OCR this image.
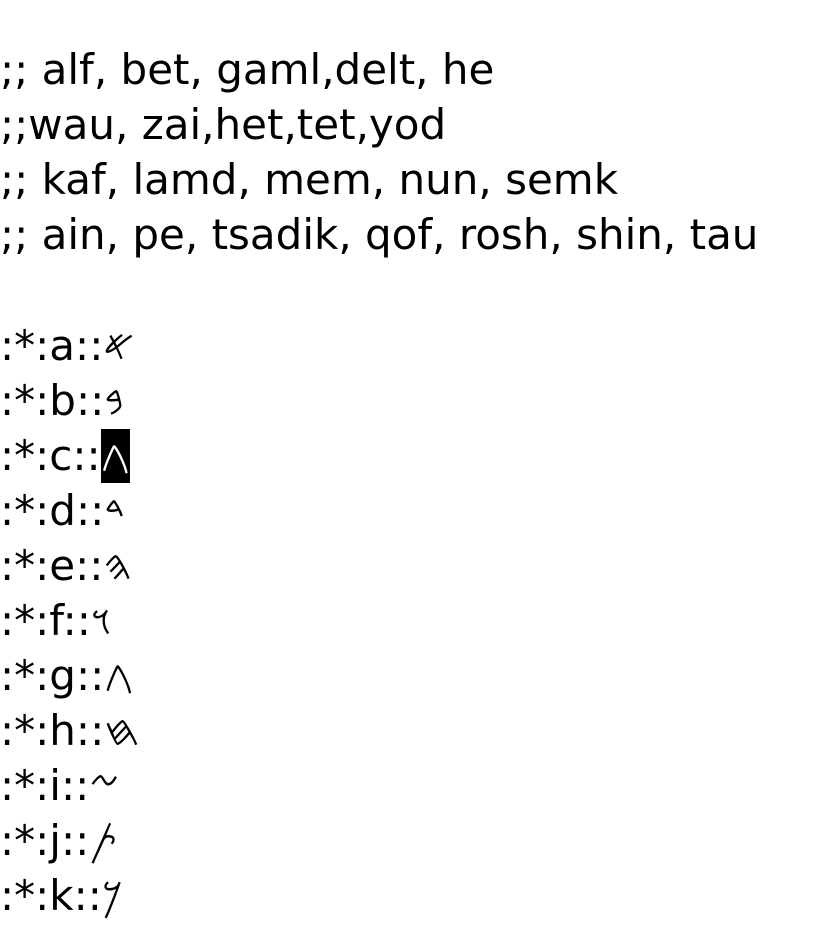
;; alf, bet, gaml,delt, he
;;wau, zai,het,tet,yod
;; kaf, lamd, mem, nun, semk
;; ain, pe, tsadik, qof, rosh, shin, tau
:*:a::𐤀
:*:b::𐤁
:*:c::𐤂
:*:d::𐤃
:*:e::𐤄
:*:f::𐤅
:*:g::𐤂
:*:h::𐤇
:*:i::𐤆
:*:j::𐤕
:*:k::𐤊
